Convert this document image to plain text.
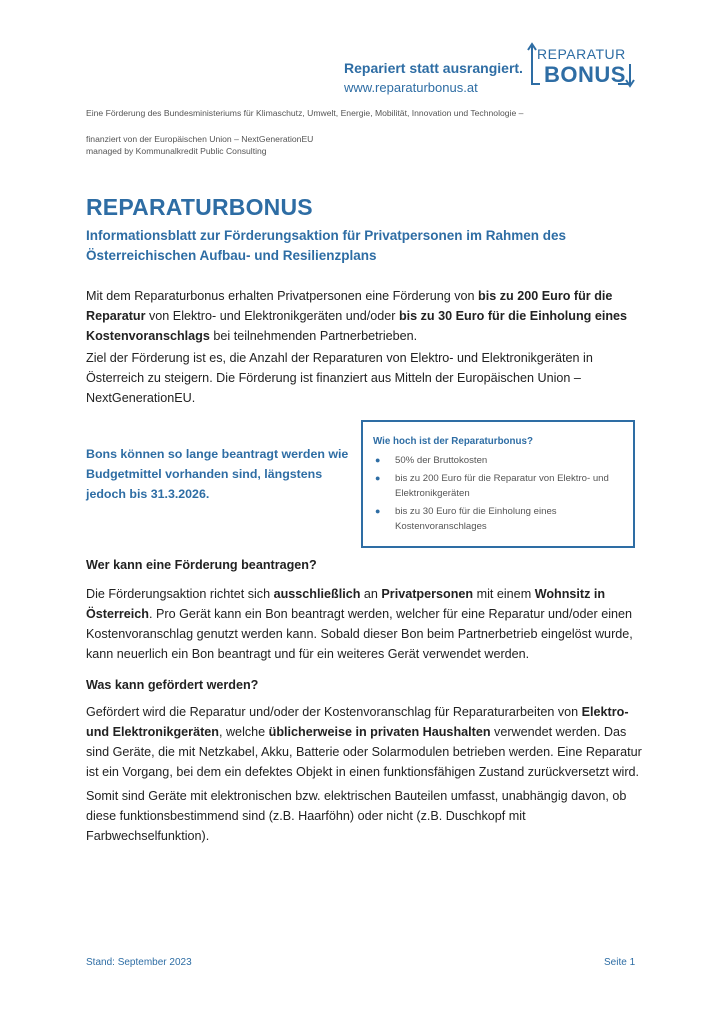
Repariert statt ausrangiert.
www.reparaturbonus.at
REPARATUR
BONUS
Eine Förderung des Bundesministeriums für Klimaschutz, Umwelt, Energie, Mobilität, Innovation und Technologie –
finanziert von der Europäischen Union – NextGenerationEU
managed by Kommunalkredit Public Consulting
REPARATURBONUS
Informationsblatt zur Förderungsaktion für Privatpersonen im Rahmen des Österreichischen Aufbau- und Resilienzplans
Mit dem Reparaturbonus erhalten Privatpersonen eine Förderung von bis zu 200 Euro für die Reparatur von Elektro- und Elektronikgeräten und/oder bis zu 30 Euro für die Einholung eines Kostenvoranschlags bei teilnehmenden Partnerbetrieben.
Ziel der Förderung ist es, die Anzahl der Reparaturen von Elektro- und Elektronikgeräten in Österreich zu steigern. Die Förderung ist finanziert aus Mitteln der Europäischen Union – NextGenerationEU.
Bons können so lange beantragt werden wie Budgetmittel vorhanden sind, längstens jedoch bis 31.3.2026.
Wie hoch ist der Reparaturbonus?
● 50% der Bruttokosten
● bis zu 200 Euro für die Reparatur von Elektro- und Elektronikgeräten
● bis zu 30 Euro für die Einholung eines Kostenvoranschlages
Wer kann eine Förderung beantragen?
Die Förderungsaktion richtet sich ausschließlich an Privatpersonen mit einem Wohnsitz in Österreich. Pro Gerät kann ein Bon beantragt werden, welcher für eine Reparatur und/oder einen Kostenvoranschlag genutzt werden kann. Sobald dieser Bon beim Partnerbetrieb eingelöst wurde, kann neuerlich ein Bon beantragt und für ein weiteres Gerät verwendet werden.
Was kann gefördert werden?
Gefördert wird die Reparatur und/oder der Kostenvoranschlag für Reparaturarbeiten von Elektro- und Elektronikgeräten, welche üblicherweise in privaten Haushalten verwendet werden. Das sind Geräte, die mit Netzkabel, Akku, Batterie oder Solarmodulen betrieben werden. Eine Reparatur ist ein Vorgang, bei dem ein defektes Objekt in einen funktionsfähigen Zustand zurückversetzt wird.
Somit sind Geräte mit elektronischen bzw. elektrischen Bauteilen umfasst, unabhängig davon, ob diese funktionsbestimmend sind (z.B. Haarföhn) oder nicht (z.B. Duschkopf mit Farbwechselfunktion).
Stand: September 2023	Seite 1
